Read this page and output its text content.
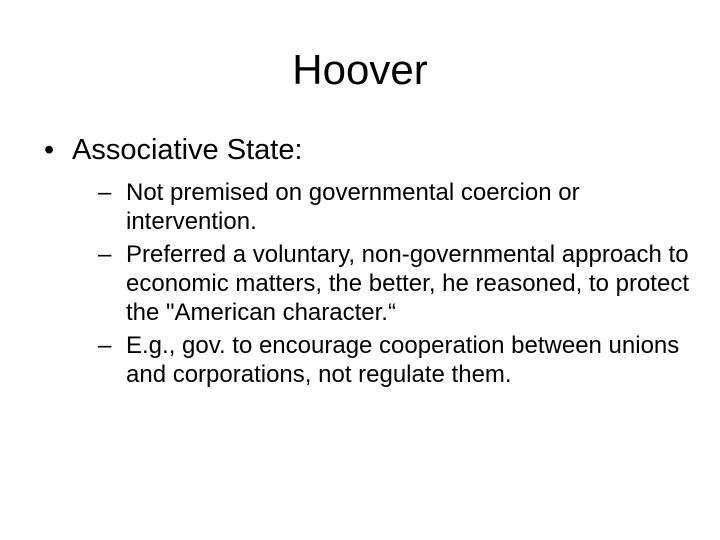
Hoover
• Associative State:
– Not premised on governmental coercion or intervention.
– Preferred a voluntary, non-governmental approach to economic matters, the better, he reasoned, to protect the "American character.“
– E.g., gov. to encourage cooperation between unions and corporations, not regulate them.
